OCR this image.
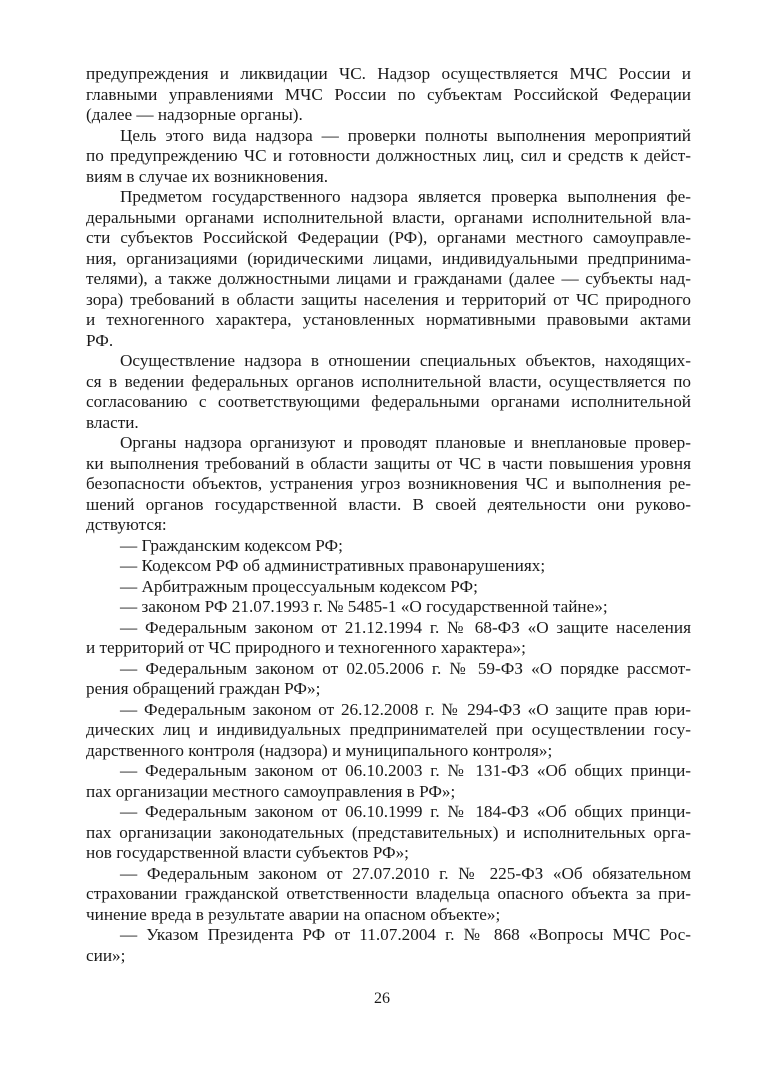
предупреждения и ликвидации ЧС. Надзор осуществляется МЧС России и
главными управлениями МЧС России по субъектам Российской Федерации
(далее — надзорные органы).
Цель этого вида надзора — проверки полноты выполнения мероприятий
по предупреждению ЧС и готовности должностных лиц, сил и средств к дейст-
виям в случае их возникновения.
Предметом государственного надзора является проверка выполнения фе-
деральными органами исполнительной власти, органами исполнительной вла-
сти субъектов Российской Федерации (РФ), органами местного самоуправле-
ния, организациями (юридическими лицами, индивидуальными предпринима-
телями), а также должностными лицами и гражданами (далее — субъекты над-
зора) требований в области защиты населения и территорий от ЧС природного
и техногенного характера, установленных нормативными правовыми актами
РФ.
Осуществление надзора в отношении специальных объектов, находящих-
ся в ведении федеральных органов исполнительной власти, осуществляется по
согласованию с соответствующими федеральными органами исполнительной
власти.
Органы надзора организуют и проводят плановые и внеплановые провер-
ки выполнения требований в области защиты от ЧС в части повышения уровня
безопасности объектов, устранения угроз возникновения ЧС и выполнения ре-
шений органов государственной власти. В своей деятельности они руково-
дствуются:
— Гражданским кодексом РФ;
— Кодексом РФ об административных правонарушениях;
— Арбитражным процессуальным кодексом РФ;
— законом РФ 21.07.1993 г. № 5485-1 «О государственной тайне»;
— Федеральным законом от 21.12.1994 г. № 68-ФЗ «О защите населения
и территорий от ЧС природного и техногенного характера»;
— Федеральным законом от 02.05.2006 г. № 59-ФЗ «О порядке рассмот-
рения обращений граждан РФ»;
— Федеральным законом от 26.12.2008 г. № 294-ФЗ «О защите прав юри-
дических лиц и индивидуальных предпринимателей при осуществлении госу-
дарственного контроля (надзора) и муниципального контроля»;
— Федеральным законом от 06.10.2003 г. № 131-ФЗ «Об общих принци-
пах организации местного самоуправления в РФ»;
— Федеральным законом от 06.10.1999 г. № 184-ФЗ «Об общих принци-
пах организации законодательных (представительных) и исполнительных орга-
нов государственной власти субъектов РФ»;
— Федеральным законом от 27.07.2010 г. № 225-ФЗ «Об обязательном
страховании гражданской ответственности владельца опасного объекта за при-
чинение вреда в результате аварии на опасном объекте»;
— Указом Президента РФ от 11.07.2004 г. № 868 «Вопросы МЧС Рос-
сии»;
26
